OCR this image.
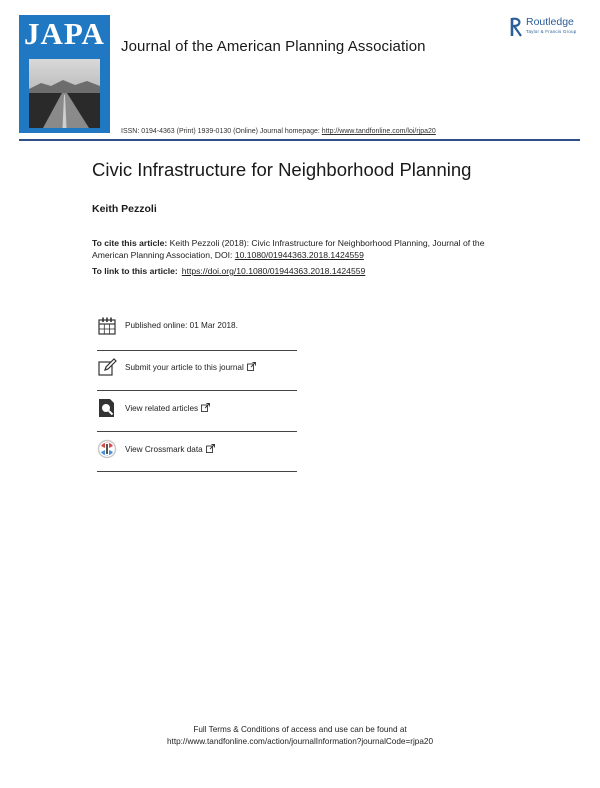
JAPA	Journal of the American Planning Association
Routledge
Taylor & Francis Group
ISSN: 0194-4363 (Print) 1939-0130 (Online) Journal homepage: http://www.tandfonline.com/loi/rjpa20
Civic Infrastructure for Neighborhood Planning
Keith Pezzoli
To cite this article: Keith Pezzoli (2018): Civic Infrastructure for Neighborhood Planning, Journal of the American Planning Association, DOI: 10.1080/01944363.2018.1424559
To link to this article: https://doi.org/10.1080/01944363.2018.1424559
Published online: 01 Mar 2018.
Submit your article to this journal
View related articles
View Crossmark data
Full Terms & Conditions of access and use can be found at
http://www.tandfonline.com/action/journalInformation?journalCode=rjpa20
